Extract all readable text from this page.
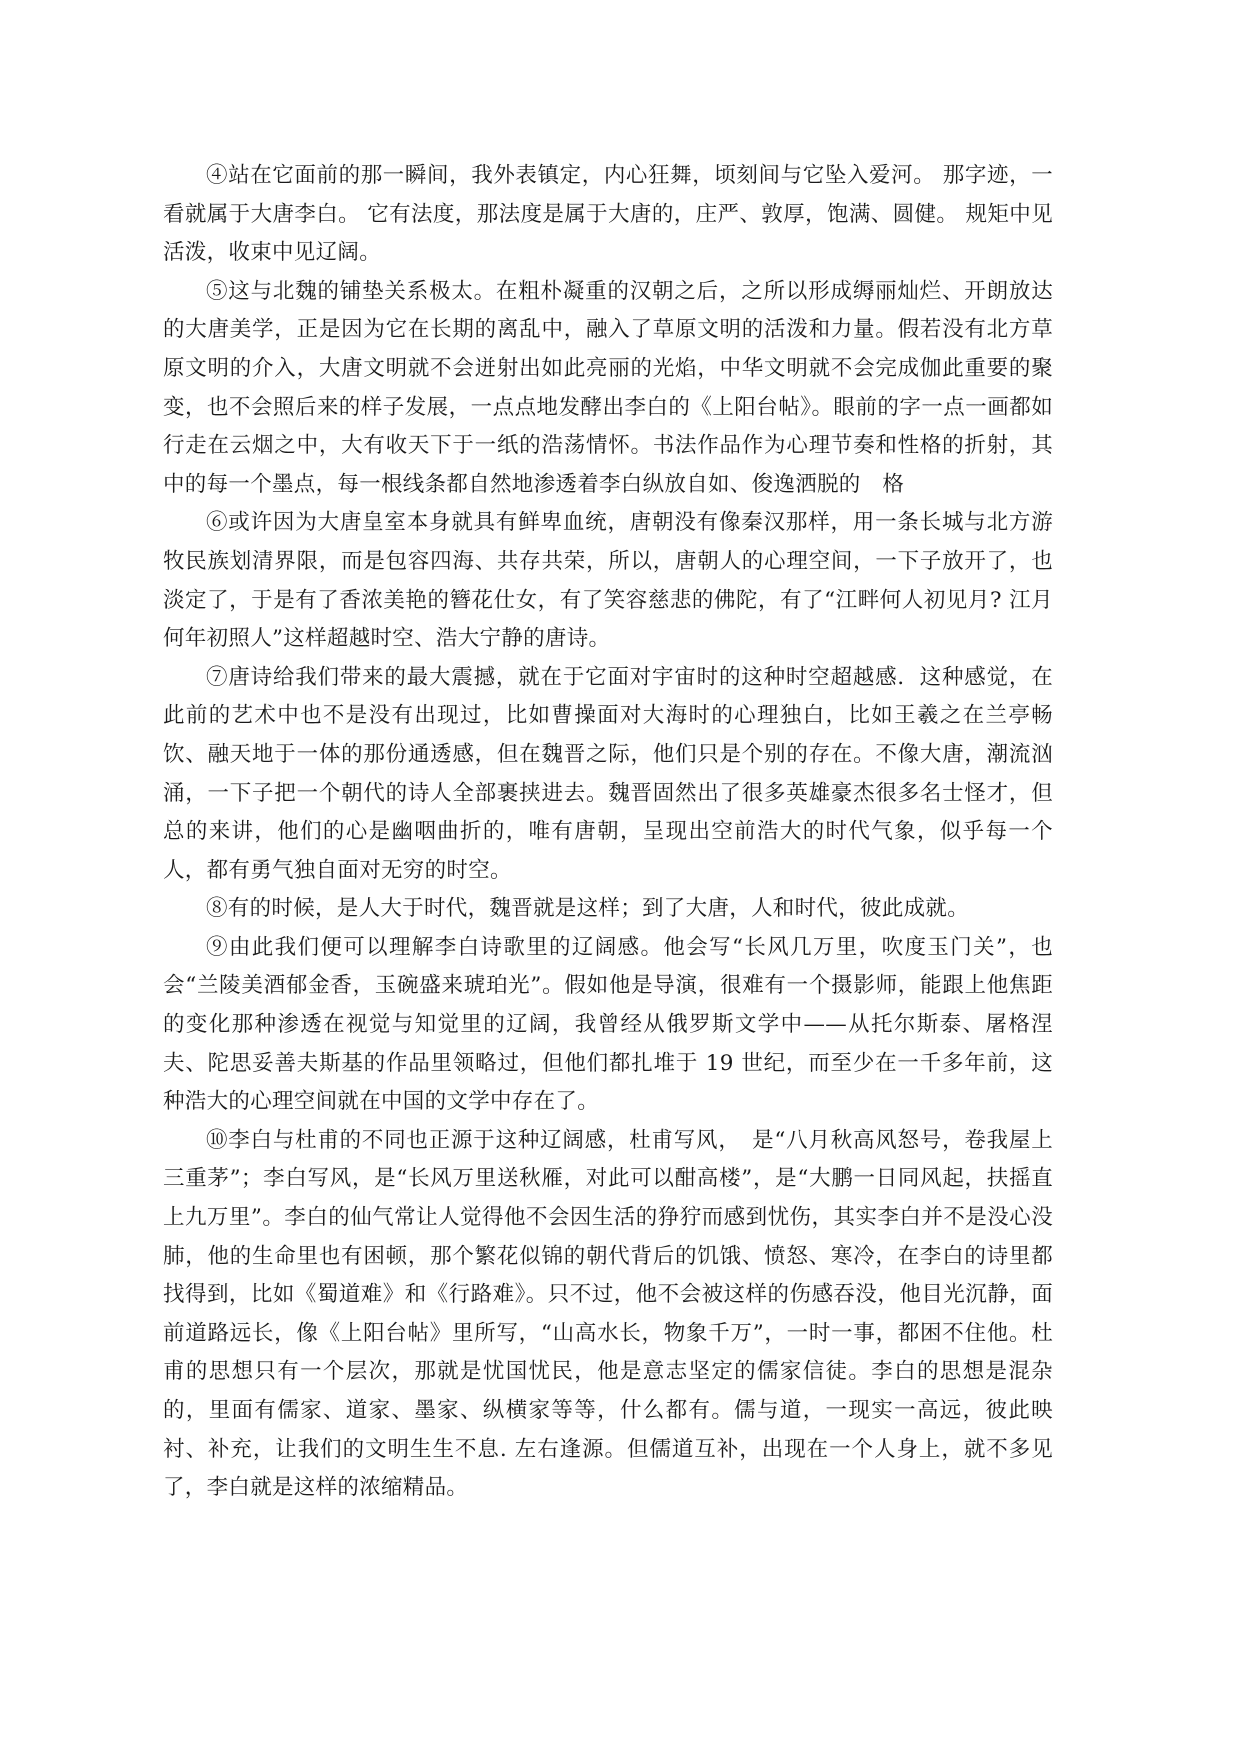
④站在它面前的那一瞬间，我外表镇定，内心狂舞，顷刻间与它坠入爱河。 那字迹，一看就属于大唐李白。 它有法度，那法度是属于大唐的，庄严、敦厚，饱满、圆健。 规矩中见活泼，收束中见辽阔。

⑤这与北魏的铺垫关系极太。在粗朴凝重的汉朝之后，之所以形成缛丽灿烂、开朗放达的大唐美学，正是因为它在长期的离乱中，融入了草原文明的活泼和力量。假若没有北方草原文明的介入，大唐文明就不会迸射出如此亮丽的光焰，中华文明就不会完成伽此重要的聚变，也不会照后来的样子发展，一点点地发酵出李白的《上阳台帖》。眼前的字一点一画都如行走在云烟之中，大有收天下于一纸的浩荡情怀。书法作品作为心理节奏和性格的折射，其中的每一个墨点，每一根线条都自然地渗透着李白纵放自如、俊逸洒脱的　格

⑥或许因为大唐皇室本身就具有鲜卑血统，唐朝没有像秦汉那样，用一条长城与北方游牧民族划清界限，而是包容四海、共存共荣，所以，唐朝人的心理空间，一下子放开了，也淡定了，于是有了香浓美艳的簪花仕女，有了笑容慈悲的佛陀，有了“江畔何人初见月? 江月何年初照人”这样超越时空、浩大宁静的唐诗。

⑦唐诗给我们带来的最大震撼，就在于它面对宇宙时的这种时空超越感．这种感觉，在此前的艺术中也不是没有出现过，比如曹操面对大海时的心理独白，比如王羲之在兰亭畅饮、融天地于一体的那份通透感，但在魏晋之际，他们只是个别的存在。不像大唐，潮流汹涌，一下子把一个朝代的诗人全部裹挟进去。魏晋固然出了很多英雄豪杰很多名士怪才，但总的来讲，他们的心是幽咽曲折的，唯有唐朝，呈现出空前浩大的时代气象，似乎每一个人，都有勇气独自面对无穷的时空。

⑧有的时候，是人大于时代，魏晋就是这样；到了大唐，人和时代，彼此成就。

⑨由此我们便可以理解李白诗歌里的辽阔感。他会写“长风几万里，吹度玉门关”，也会“兰陵美酒郁金香，玉碗盛来琥珀光”。假如他是导演，很难有一个摄影师，能跟上他焦距的变化那种渗透在视觉与知觉里的辽阔，我曾经从俄罗斯文学中——从托尔斯泰、屠格涅夫、陀思妥善夫斯基的作品里领略过，但他们都扎堆于 19 世纪，而至少在一千多年前，这种浩大的心理空间就在中国的文学中存在了。

⑩李白与杜甫的不同也正源于这种辽阔感，杜甫写风，　是“八月秋高风怒号，卷我屋上三重茅”；李白写风，是“长风万里送秋雁，对此可以酣高楼”，是“大鹏一日同风起，扶摇直上九万里”。李白的仙气常让人觉得他不会因生活的狰狞而感到忧伤，其实李白并不是没心没肺，他的生命里也有困顿，那个繁花似锦的朝代背后的饥饿、愤怒、寒冷，在李白的诗里都找得到，比如《蜀道难》和《行路难》。只不过，他不会被这样的伤感吞没，他目光沉静，面前道路远长，像《上阳台帖》里所写，“山高水长，物象千万”，一时一事，都困不住他。杜甫的思想只有一个层次，那就是忧国忧民，他是意志坚定的儒家信徒。李白的思想是混杂的，里面有儒家、道家、墨家、纵横家等等，什么都有。儒与道，一现实一高远，彼此映衬、补充，让我们的文明生生不息. 左右逢源。但儒道互补，出现在一个人身上，就不多见了，李白就是这样的浓缩精品。
